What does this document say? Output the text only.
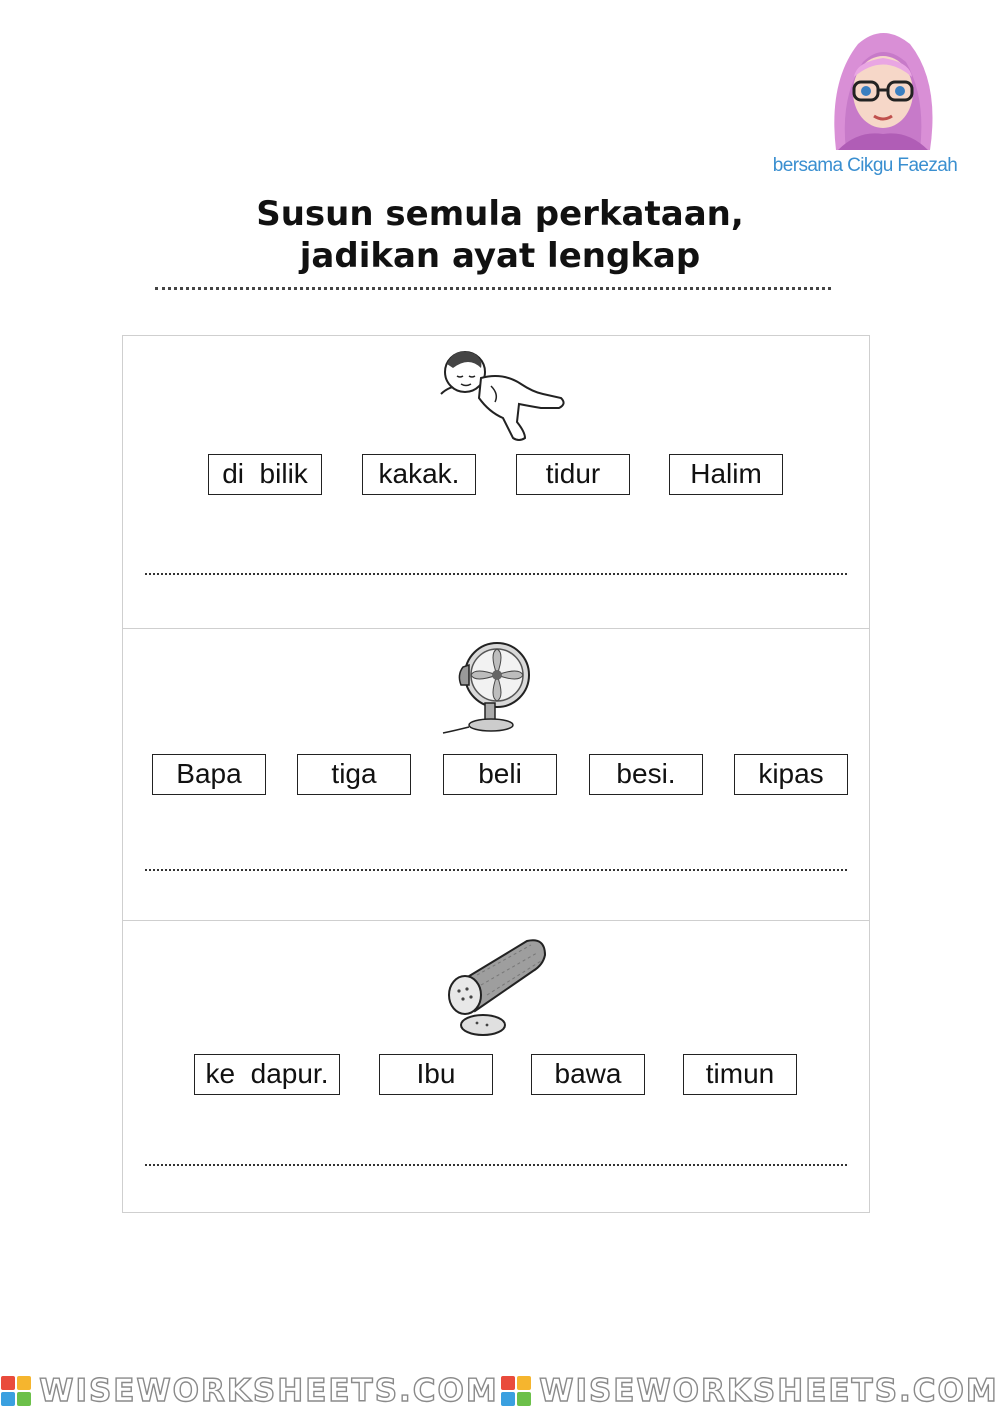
bersama Cikgu Faezah
Susun semula perkataan,
jadikan ayat lengkap
di  bilik	kakak.	tidur	Halim
Bapa	tiga	beli	besi.	kipas
ke  dapur.	Ibu	bawa	timun
WISEWORKSHEETS.COM WISEWORKSHEETS.COM
